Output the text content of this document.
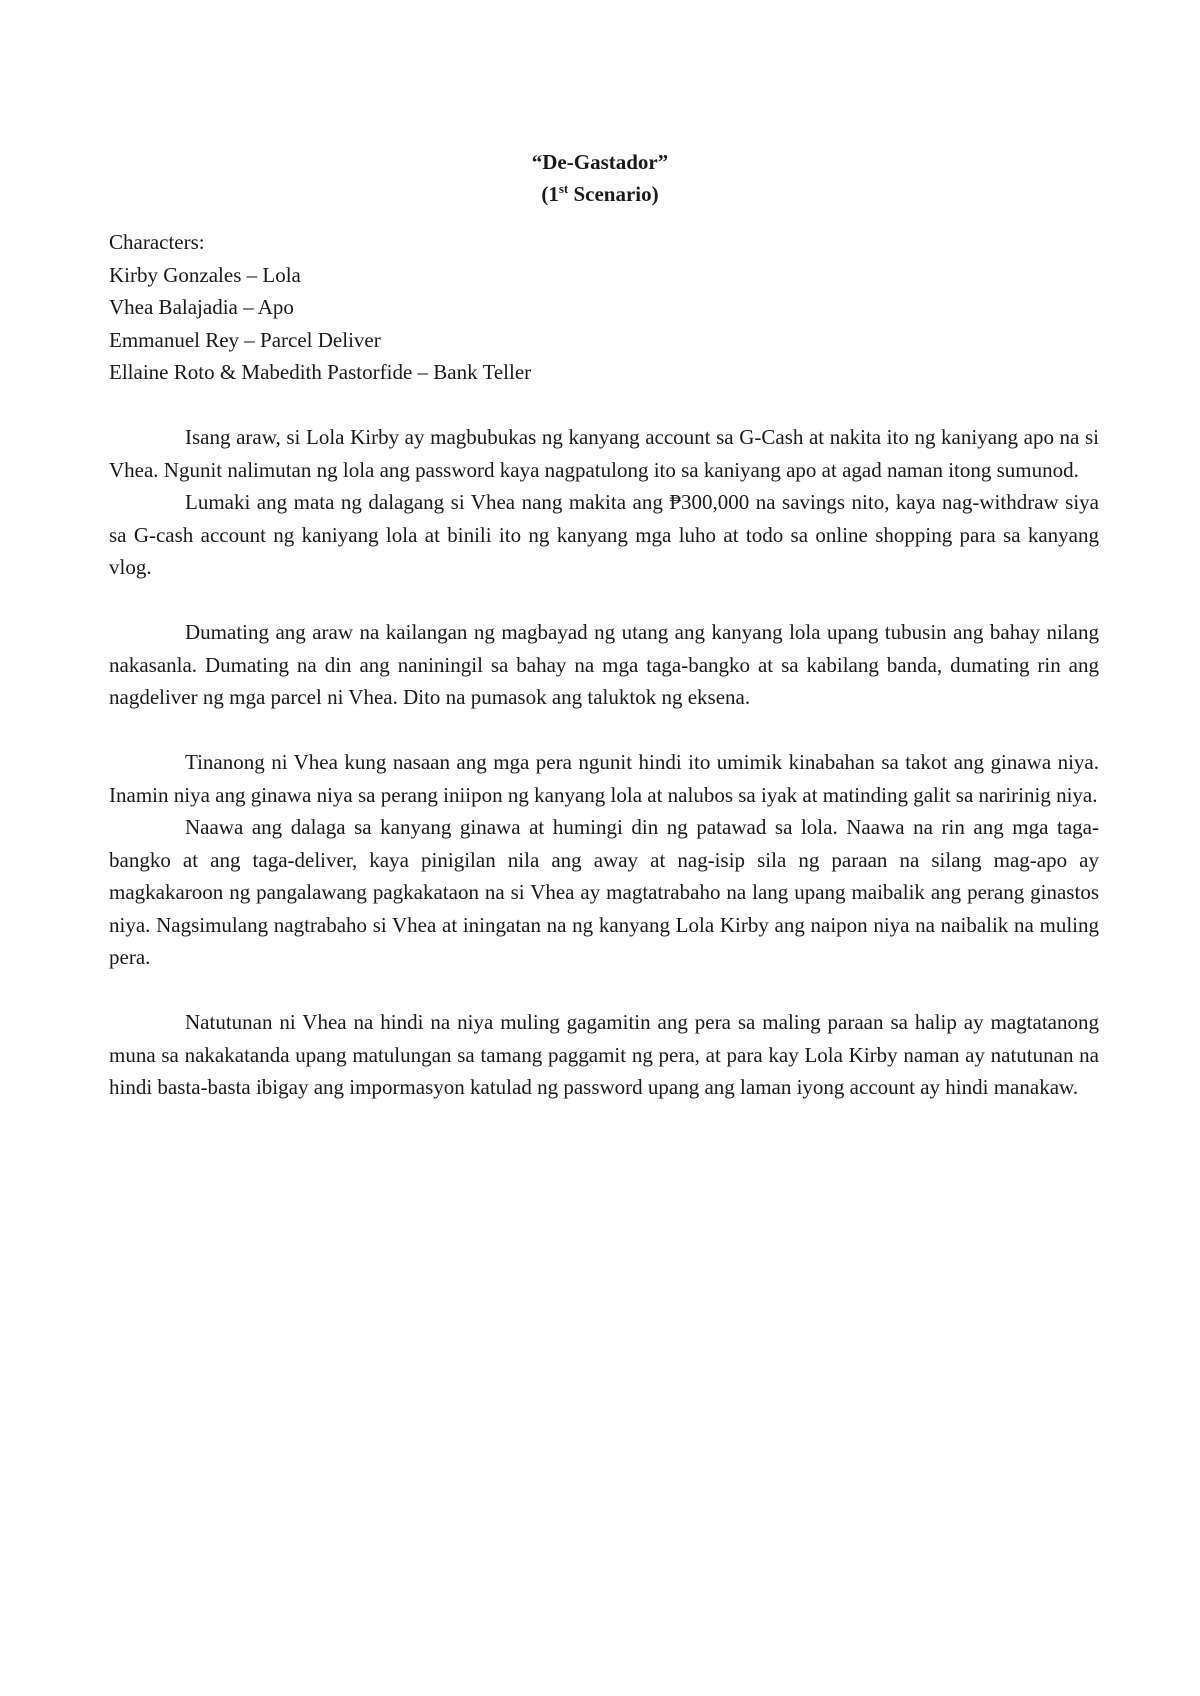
“De-Gastador”
(1st Scenario)

Characters:

Kirby Gonzales – Lola

Vhea Balajadia – Apo

Emmanuel Rey – Parcel Deliver

Ellaine Roto & Mabedith Pastorfide – Bank Teller

Isang araw, si Lola Kirby ay magbubukas ng kanyang account sa G-Cash at nakita ito ng kaniyang apo na si Vhea. Ngunit nalimutan ng lola ang password kaya nagpatulong ito sa kaniyang apo at agad naman itong sumunod.

Lumaki ang mata ng dalagang si Vhea nang makita ang ₱300,000 na savings nito, kaya nag-withdraw siya sa G-cash account ng kaniyang lola at binili ito ng kanyang mga luho at todo sa online shopping para sa kanyang vlog.

Dumating ang araw na kailangan ng magbayad ng utang ang kanyang lola upang tubusin ang bahay nilang nakasanla. Dumating na din ang naniningil sa bahay na mga taga-bangko at sa kabilang banda, dumating rin ang nagdeliver ng mga parcel ni Vhea. Dito na pumasok ang taluktok ng eksena.

Tinanong ni Vhea kung nasaan ang mga pera ngunit hindi ito umimik kinabahan sa takot ang ginawa niya. Inamin niya ang ginawa niya sa perang iniipon ng kanyang lola at nalubos sa iyak at matinding galit sa naririnig niya.

Naawa ang dalaga sa kanyang ginawa at humingi din ng patawad sa lola. Naawa na rin ang mga taga-bangko at ang taga-deliver, kaya pinigilan nila ang away at nag-isip sila ng paraan na silang mag-apo ay magkakaroon ng pangalawang pagkakataon na si Vhea ay magtatrabaho na lang upang maibalik ang perang ginastos niya. Nagsimulang nagtrabaho si Vhea at iningatan na ng kanyang Lola Kirby ang naipon niya na naibalik na muling pera.

Natutunan ni Vhea na hindi na niya muling gagamitin ang pera sa maling paraan sa halip ay magtatanong muna sa nakakatanda upang matulungan sa tamang paggamit ng pera, at para kay Lola Kirby naman ay natutunan na hindi basta-basta ibigay ang impormasyon katulad ng password upang ang laman iyong account ay hindi manakaw.
